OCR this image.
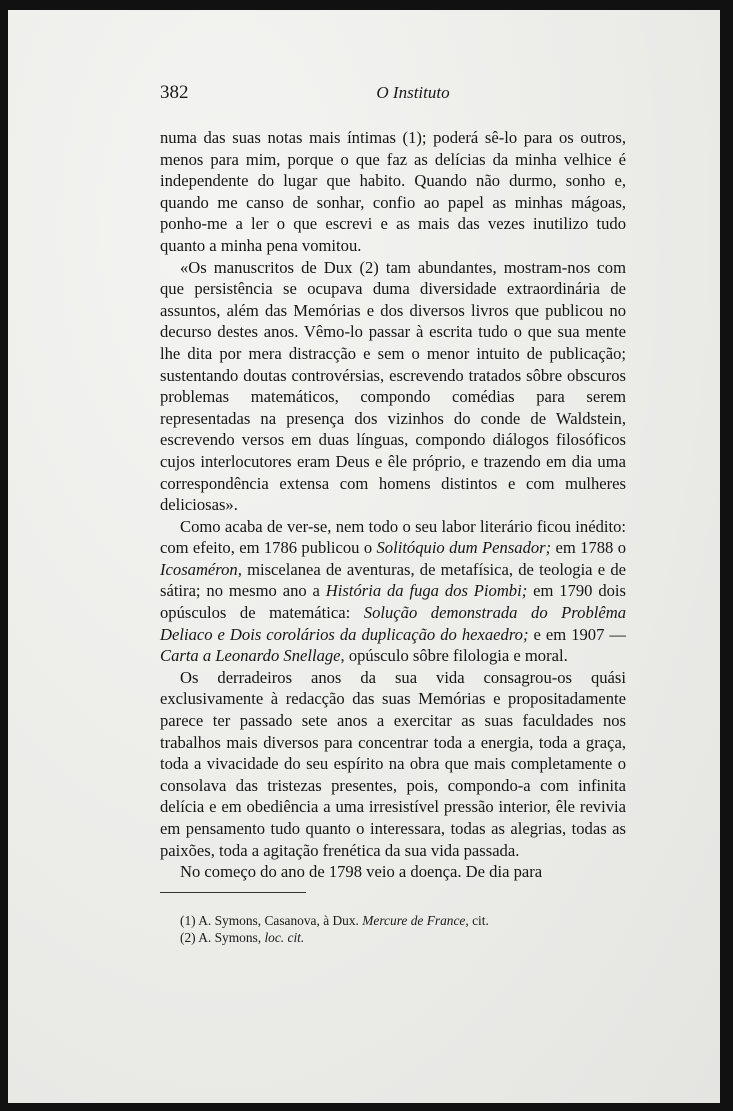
382	O Instituto

numa das suas notas mais íntimas (1); poderá sê-lo para os outros, menos para mim, porque o que faz as delícias da minha velhice é independente do lugar que habito. Quando não durmo, sonho e, quando me canso de sonhar, confio ao papel as minhas mágoas, ponho-me a ler o que escrevi e as mais das vezes inutilizo tudo quanto a minha pena vomitou.

«Os manuscritos de Dux (2) tam abundantes, mostram-nos com que persistência se ocupava duma diversidade extraordinária de assuntos, além das Memórias e dos diversos livros que publicou no decurso destes anos. Vêmo-lo passar à escrita tudo o que sua mente lhe dita por mera distracção e sem o menor intuito de publicação; sustentando doutas controvérsias, escrevendo tratados sôbre obscuros problemas matemáticos, compondo comédias para serem representadas na presença dos vizinhos do conde de Waldstein, escrevendo versos em duas línguas, compondo diálogos filosóficos cujos interlocutores eram Deus e êle próprio, e trazendo em dia uma correspondência extensa com homens distintos e com mulheres deliciosas».

Como acaba de ver-se, nem todo o seu labor literário ficou inédito: com efeito, em 1786 publicou o Solitóquio dum Pensador; em 1788 o Icosaméron, miscelanea de aventuras, de metafísica, de teologia e de sátira; no mesmo ano a História da fuga dos Piombi; em 1790 dois opúsculos de matemática: Solução demonstrada do Problêma Deliaco e Dois corolários da duplicação do hexaedro; e em 1907 — Carta a Leonardo Snellage, opúsculo sôbre filologia e moral.

Os derradeiros anos da sua vida consagrou-os quási exclusivamente à redacção das suas Memórias e propositadamente parece ter passado sete anos a exercitar as suas faculdades nos trabalhos mais diversos para concentrar toda a energia, toda a graça, toda a vivacidade do seu espírito na obra que mais completamente o consolava das tristezas presentes, pois, compondo-a com infinita delícia e em obediência a uma irresistível pressão interior, êle revivia em pensamento tudo quanto o interessara, todas as alegrias, todas as paixões, toda a agitação frenética da sua vida passada.

No começo do ano de 1798 veio a doença. De dia para

(1) A. Symons, Casanova, à Dux. Mercure de France, cit.
(2) A. Symons, loc. cit.
